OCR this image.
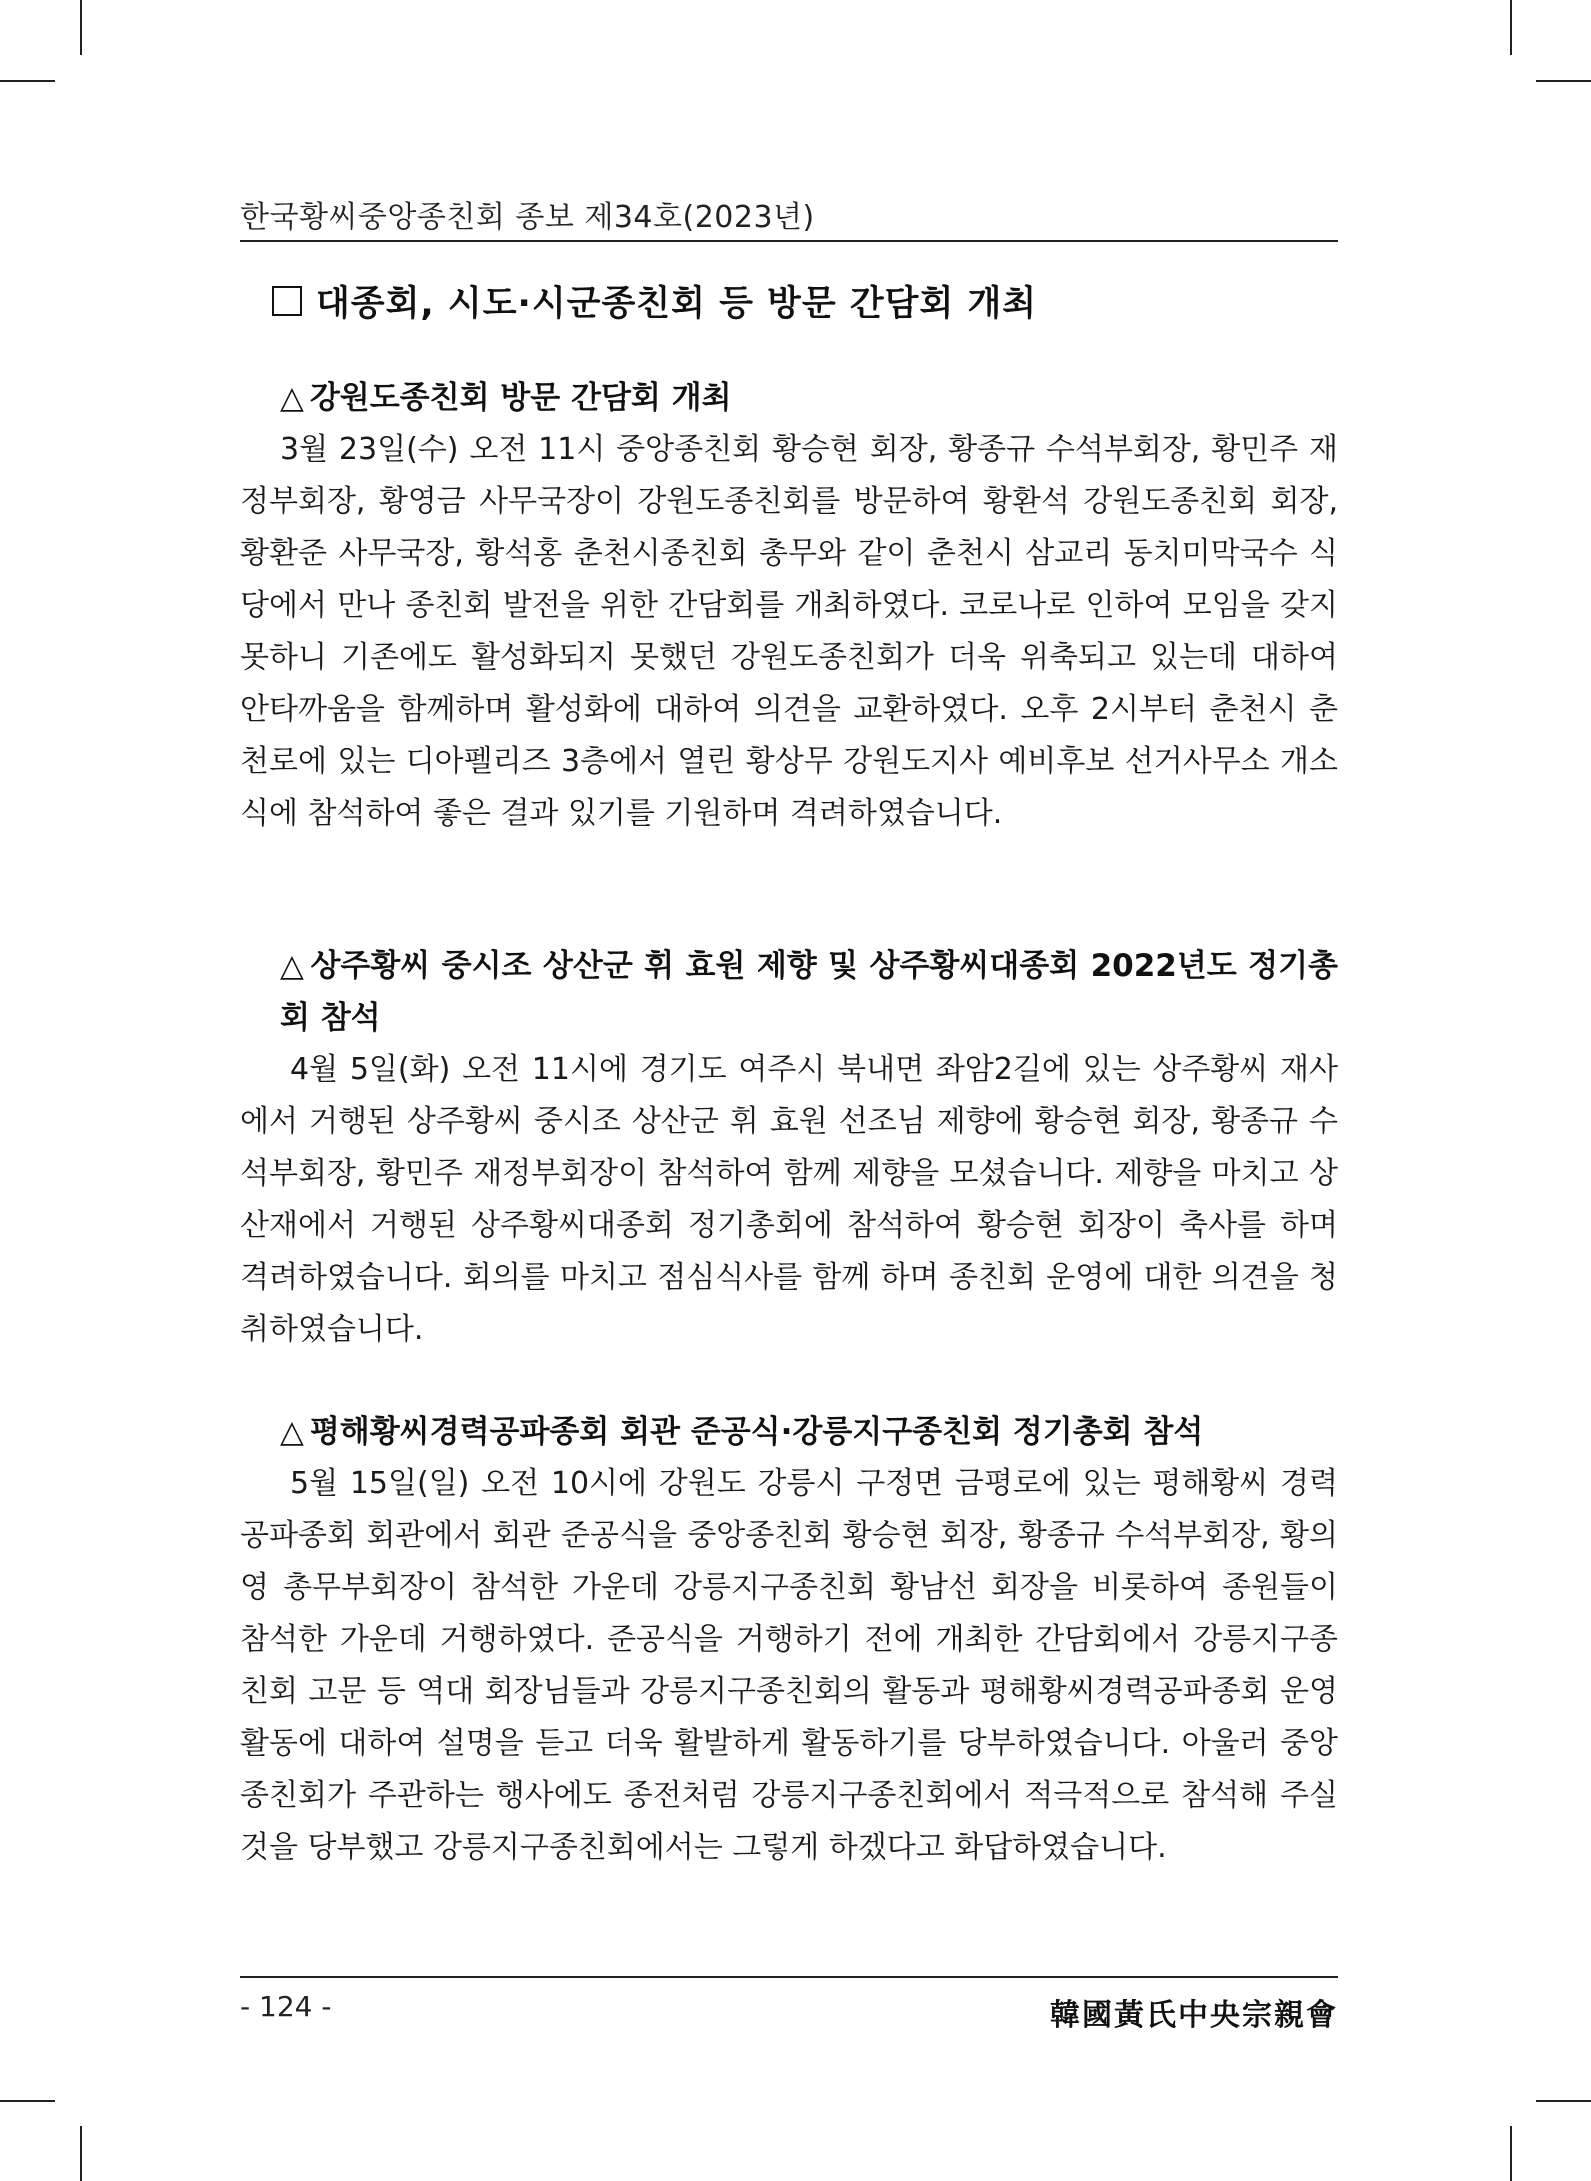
한국황씨중앙종친회 종보 제34호(2023년)
대종회, 시도·시군종친회 등 방문 간담회 개최
△ 강원도종친회 방문 간담회 개최

3월 23일(수) 오전 11시 중앙종친회 황승현 회장, 황종규 수석부회장, 황민주 재정부회장, 황영금 사무국장이 강원도종친회를 방문하여 황환석 강원도종친회 회장, 황환준 사무국장, 황석홍 춘천시종친회 총무와 같이 춘천시 삼교리 동치미막국수 식당에서 만나 종친회 발전을 위한 간담회를 개최하였다. 코로나로 인하여 모임을 갖지 못하니 기존에도 활성화되지 못했던 강원도종친회가 더욱 위축되고 있는데 대하여 안타까움을 함께하며 활성화에 대하여 의견을 교환하였다. 오후 2시부터 춘천시 춘천로에 있는 디아펠리즈 3층에서 열린 황상무 강원도지사 예비후보 선거사무소 개소식에 참석하여 좋은 결과 있기를 기원하며 격려하였습니다.

△ 상주황씨 중시조 상산군 휘 효원 제향 및 상주황씨대종회 2022년도 정기총회 참석

4월 5일(화) 오전 11시에 경기도 여주시 북내면 좌암2길에 있는 상주황씨 재사에서 거행된 상주황씨 중시조 상산군 휘 효원 선조님 제향에 황승현 회장, 황종규 수석부회장, 황민주 재정부회장이 참석하여 함께 제향을 모셨습니다. 제향을 마치고 상산재에서 거행된 상주황씨대종회 정기총회에 참석하여 황승현 회장이 축사를 하며 격려하였습니다. 회의를 마치고 점심식사를 함께 하며 종친회 운영에 대한 의견을 청취하였습니다.

△ 평해황씨경력공파종회 회관 준공식·강릉지구종친회 정기총회 참석

5월 15일(일) 오전 10시에 강원도 강릉시 구정면 금평로에 있는 평해황씨 경력공파종회 회관에서 회관 준공식을 중앙종친회 황승현 회장, 황종규 수석부회장, 황의영 총무부회장이 참석한 가운데 강릉지구종친회 황남선 회장을 비롯하여 종원들이 참석한 가운데 거행하였다. 준공식을 거행하기 전에 개최한 간담회에서 강릉지구종친회 고문 등 역대 회장님들과 강릉지구종친회의 활동과 평해황씨경력공파종회 운영 활동에 대하여 설명을 듣고 더욱 활발하게 활동하기를 당부하였습니다. 아울러 중앙종친회가 주관하는 행사에도 종전처럼 강릉지구종친회에서 적극적으로 참석해 주실 것을 당부했고 강릉지구종친회에서는 그렇게 하겠다고 화답하였습니다.

- 124 -	韓國黃氏中央宗親會
